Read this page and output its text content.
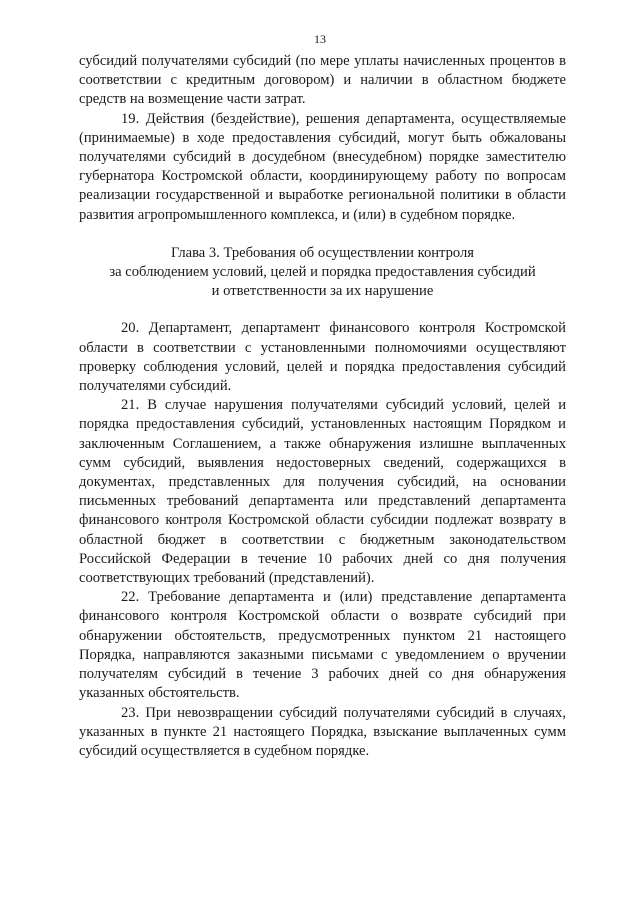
13

субсидий получателями субсидий (по мере уплаты начисленных процентов в соответствии с кредитным договором) и наличии в областном бюджете средств на возмещение части затрат.

19. Действия (бездействие), решения департамента, осуществляемые (принимаемые) в ходе предоставления субсидий, могут быть обжалованы получателями субсидий в досудебном (внесудебном) порядке заместителю губернатора Костромской области, координирующему работу по вопросам реализации государственной и выработке региональной политики в области развития агропромышленного комплекса, и (или) в судебном порядке.

Глава 3. Требования об осуществлении контроля
за соблюдением условий, целей и порядка предоставления субсидий
и ответственности за их нарушение

20. Департамент, департамент финансового контроля Костромской области в соответствии с установленными полномочиями осуществляют проверку соблюдения условий, целей и порядка предоставления субсидий получателями субсидий.

21. В случае нарушения получателями субсидий условий, целей и порядка предоставления субсидий, установленных настоящим Порядком и заключенным Соглашением, а также обнаружения излишне выплаченных сумм субсидий, выявления недостоверных сведений, содержащихся в документах, представленных для получения субсидий, на основании письменных требований департамента или представлений департамента финансового контроля Костромской области субсидии подлежат возврату в областной бюджет в соответствии с бюджетным законодательством Российской Федерации в течение 10 рабочих дней со дня получения соответствующих требований (представлений).

22. Требование департамента и (или) представление департамента финансового контроля Костромской области о возврате субсидий при обнаружении обстоятельств, предусмотренных пунктом 21 настоящего Порядка, направляются заказными письмами с уведомлением о вручении получателям субсидий в течение 3 рабочих дней со дня обнаружения указанных обстоятельств.

23. При невозвращении субсидий получателями субсидий в случаях, указанных в пункте 21 настоящего Порядка, взыскание выплаченных сумм субсидий осуществляется в судебном порядке.
